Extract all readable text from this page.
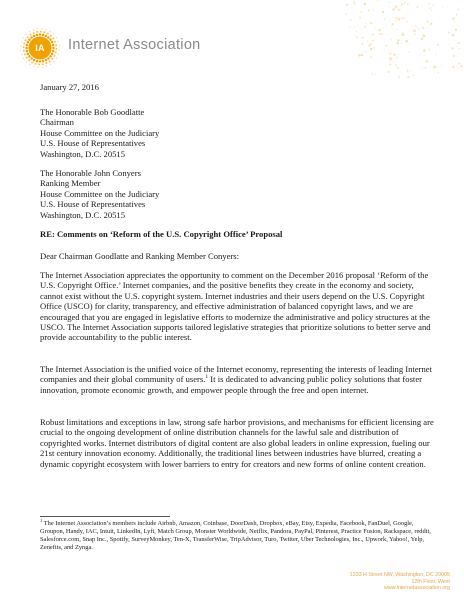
IA	Internet Association
January 27, 2016
The Honorable Bob Goodlatte
Chairman
House Committee on the Judiciary
U.S. House of Representatives
Washington, D.C. 20515
The Honorable John Conyers
Ranking Member
House Committee on the Judiciary
U.S. House of Representatives
Washington, D.C. 20515
RE: Comments on ‘Reform of the U.S. Copyright Office’ Proposal
Dear Chairman Goodlatte and Ranking Member Conyers:
The Internet Association appreciates the opportunity to comment on the December 2016 proposal ‘Reform of the U.S. Copyright Office.’ Internet companies, and the positive benefits they create in the economy and society, cannot exist without the U.S. copyright system. Internet industries and their users depend on the U.S. Copyright Office (USCO) for clarity, transparency, and effective administration of balanced copyright laws, and we are encouraged that you are engaged in legislative efforts to modernize the administrative and policy structures at the USCO. The Internet Association supports tailored legislative strategies that prioritize solutions to better serve and provide accountability to the public interest.
The Internet Association is the unified voice of the Internet economy, representing the interests of leading Internet companies and their global community of users.$^1$ It is dedicated to advancing public policy solutions that foster innovation, promote economic growth, and empower people through the free and open internet.
Robust limitations and exceptions in law, strong safe harbor provisions, and mechanisms for efficient licensing are crucial to the ongoing development of online distribution channels for the lawful sale and distribution of copyrighted works. Internet distributors of digital content are also global leaders in online expression, fueling our 21st century innovation economy. Additionally, the traditional lines between industries have blurred, creating a dynamic copyright ecosystem with lower barriers to entry for creators and new forms of online content creation.
$^1$ The Internet Association’s members include Airbnb, Amazon, Coinbase, DoorDash, Dropbox, eBay, Etsy, Expedia, Facebook, FanDuel, Google, Groupon, Handy, IAC, Intuit, LinkedIn, Lyft, Match Group, Monster Worldwide, Netflix, Pandora, PayPal, Pinterest, Practice Fusion, Rackspace, reddit, Salesforce.com, Snap Inc., Spotify, SurveyMonkey, Ten-X, TransferWise, TripAdvisor, Turo, Twitter, Uber Technologies, Inc., Upwork, Yahoo!, Yelp, Zenefits, and Zynga.
1333 H Street NW, Washington, DC 20005
12th Floor, West
www.internetassociation.org
